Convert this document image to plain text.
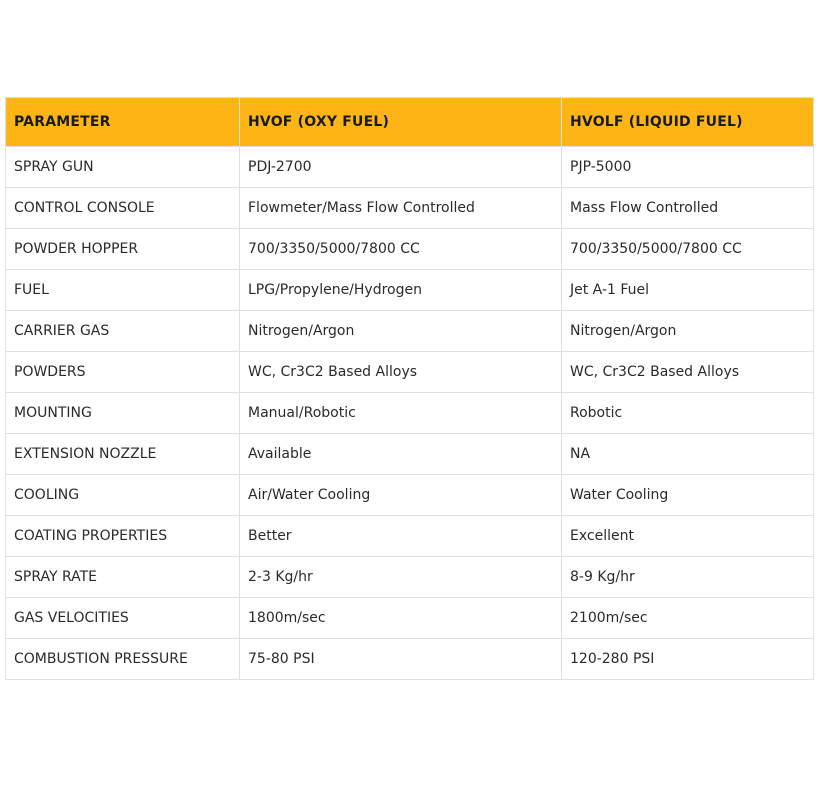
PARAMETER	HVOF (OXY FUEL)	HVOLF (LIQUID FUEL)
SPRAY GUN	PDJ-2700	PJP-5000
CONTROL CONSOLE	Flowmeter/Mass Flow Controlled	Mass Flow Controlled
POWDER HOPPER	700/3350/5000/7800 CC	700/3350/5000/7800 CC
FUEL	LPG/Propylene/Hydrogen	Jet A-1 Fuel
CARRIER GAS	Nitrogen/Argon	Nitrogen/Argon
POWDERS	WC, Cr3C2 Based Alloys	WC, Cr3C2 Based Alloys
MOUNTING	Manual/Robotic	Robotic
EXTENSION NOZZLE	Available	NA
COOLING	Air/Water Cooling	Water Cooling
COATING PROPERTIES	Better	Excellent
SPRAY RATE	2-3 Kg/hr	8-9 Kg/hr
GAS VELOCITIES	1800m/sec	2100m/sec
COMBUSTION PRESSURE	75-80 PSI	120-280 PSI
